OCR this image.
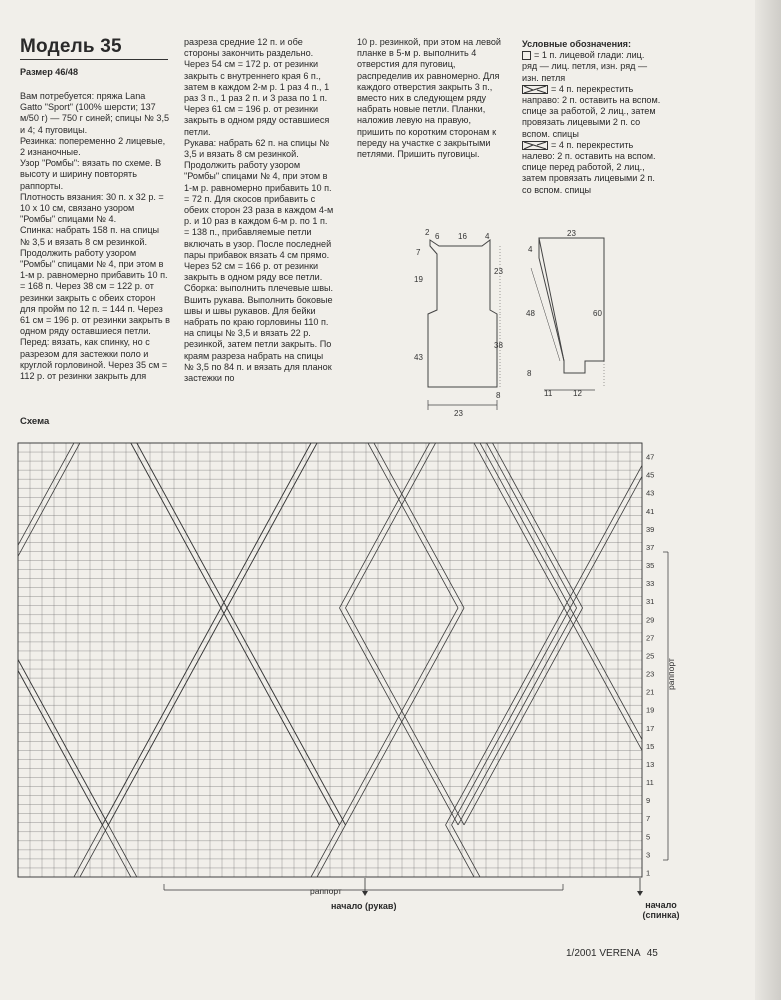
Модель 35

Размер 46/48

Вам потребуется: пряжа Lana Gatto "Sport" (100% шерсти; 137 м/50 г) — 750 г синей; спицы № 3,5 и 4; 4 пуговицы.

Резинка: попеременно 2 лицевые, 2 изнаночные.

Узор "Ромбы": вязать по схеме. В высоту и ширину повторять раппорты.

Плотность вязания: 30 п. х 32 р. = 10 х 10 см, связано узором "Ромбы" спицами № 4.

Спинка: набрать 158 п. на спицы № 3,5 и вязать 8 см резинкой. Продолжить работу узором "Ромбы" спицами № 4, при этом в 1-м р. равномерно прибавить 10 п. = 168 п. Через 38 см = 122 р. от резинки закрыть с обеих сторон для пройм по 12 п. = 144 п. Через 61 см = 196 р. от резинки закрыть в одном ряду оставшиеся петли.

Перед: вязать, как спинку, но с разрезом для застежки поло и круглой горловиной. Через 35 см = 112 р. от резинки закрыть для

разреза средние 12 п. и обе стороны закончить раздельно. Через 54 см = 172 р. от резинки закрыть с внутреннего края 6 п., затем в каждом 2-м р. 1 раз 4 п., 1 раз 3 п., 1 раз 2 п. и 3 раза по 1 п. Через 61 см = 196 р. от резинки закрыть в одном ряду оставшиеся петли.

Рукава: набрать 62 п. на спицы № 3,5 и вязать 8 см резинкой. Продолжить работу узором "Ромбы" спицами № 4, при этом в 1-м р. равномерно прибавить 10 п. = 72 п. Для скосов прибавить с обеих сторон 23 раза в каждом 4-м р. и 10 раз в каждом 6-м р. по 1 п. = 138 п., прибавляемые петли включать в узор. После последней пары прибавок вязать 4 см прямо. Через 52 см = 166 р. от резинки закрыть в одном ряду все петли.

Сборка: выполнить плечевые швы. Вшить рукава. Выполнить боковые швы и швы рукавов. Для бейки набрать по краю горловины 110 п. на спицы № 3,5 и вязать 22 р. резинкой, затем петли закрыть. По краям разреза набрать на спицы № 3,5 по 84 п. и вязать для планок застежки по

10 р. резинкой, при этом на левой планке в 5-м р. выполнить 4 отверстия для пуговиц, распределив их равномерно. Для каждого отверстия закрыть 3 п., вместо них в следующем ряду набрать новые петли. Планки, наложив левую на правую, пришить по коротким сторонам к переду на участке с закрытыми петлями. Пришить пуговицы.

Условные обозначения:

= 1 п. лицевой глади: лиц. ряд — лиц. петля, изн. ряд — изн. петля

= 4 п. перекрестить направо: 2 п. оставить на вспом. спице за работой, 2 лиц., затем провязать лицевыми 2 п. со вспом. спицы

= 4 п. перекрестить налево: 2 п. оставить на вспом. спице перед работой, 2 лиц., затем провязать лицевыми 2 п. со вспом. спицы

2 6 16 4
7
19
23
43
38
8
23
23
4
48	60
8
11	12
Схема
47
45
43
41
39
37
35
33
31
29
27
25
23
21
19
17
15
13
11
9
7
5
3
1
раппорт
раппорт
начало (рукав)	начало (спинка)
1/2001 VERENA 45
